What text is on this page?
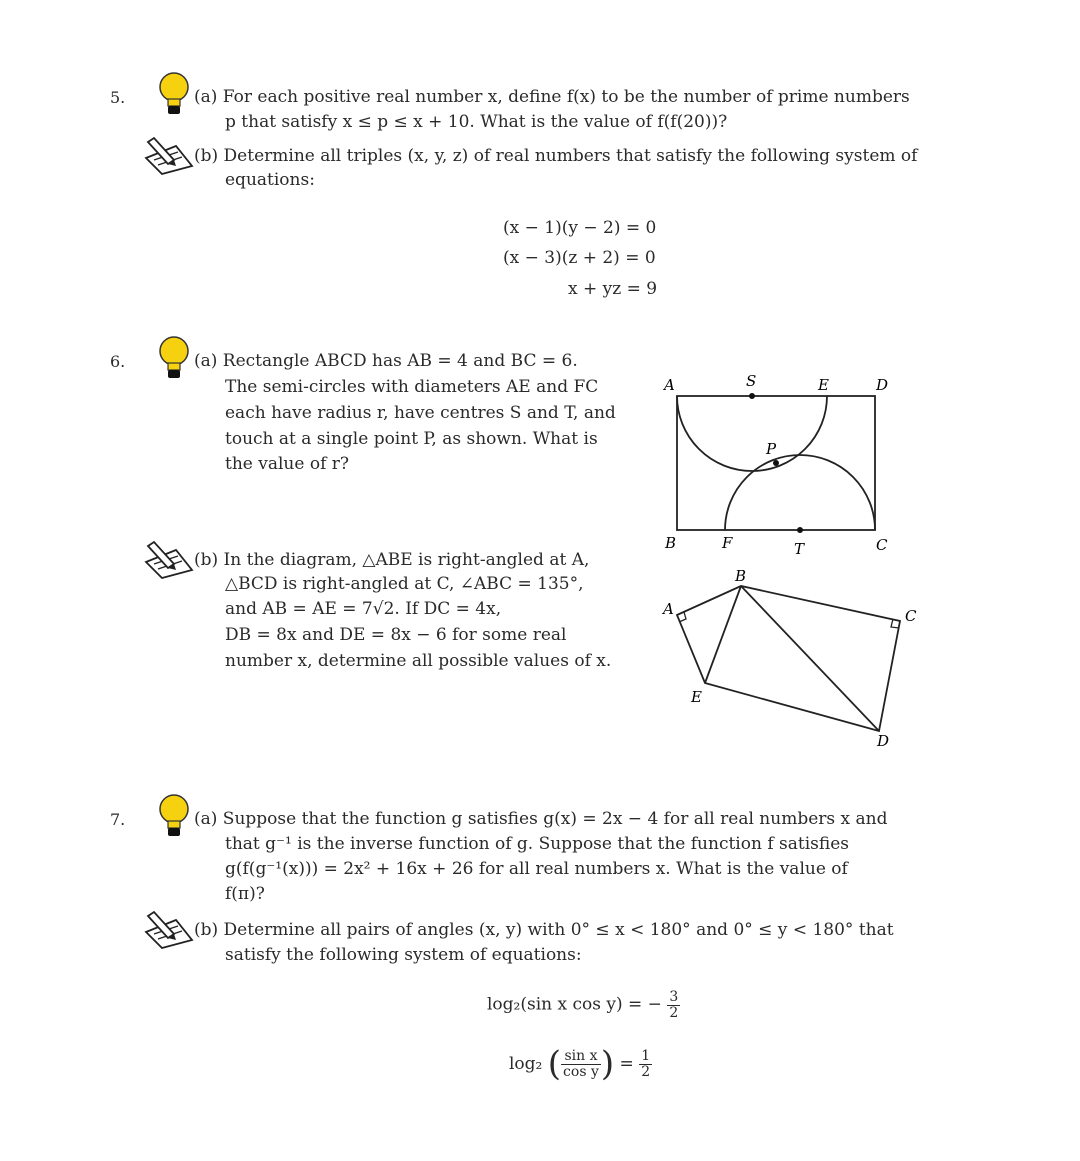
5.	(a) For each positive real number x, define f(x) to be the number of prime numbers
p that satisfy x ≤ p ≤ x + 10. What is the value of f(f(20))?
(b) Determine all triples (x, y, z) of real numbers that satisfy the following system of
equations:
(x − 1)(y − 2) = 0
(x − 3)(z + 2) = 0
x + yz = 9
6.	(a) Rectangle ABCD has AB = 4 and BC = 6.
The semi-circles with diameters AE and FC
each have radius r, have centres S and T, and
touch at a single point P, as shown. What is
the value of r?
A	S	E	D
P
B	F	T	C
(b) In the diagram, △ABE is right-angled at A,
△BCD is right-angled at C, ∠ABC = 135°,
and AB = AE = 7√2. If DC = 4x,
DB = 8x and DE = 8x − 6 for some real
number x, determine all possible values of x.
A
B
C
D
E
7.	(a) Suppose that the function g satisfies g(x) = 2x − 4 for all real numbers x and
that g⁻¹ is the inverse function of g. Suppose that the function f satisfies
g(f(g⁻¹(x))) = 2x² + 16x + 26 for all real numbers x. What is the value of
f(π)?
(b) Determine all pairs of angles (x, y) with 0° ≤ x < 180° and 0° ≤ y < 180° that
satisfy the following system of equations:
log₂(sin x cos y) = − $\frac{3}{2}$
log₂ ( $\frac{\text{sin x}}{\text{cos y}}$ ) = $\frac{1}{2}$
